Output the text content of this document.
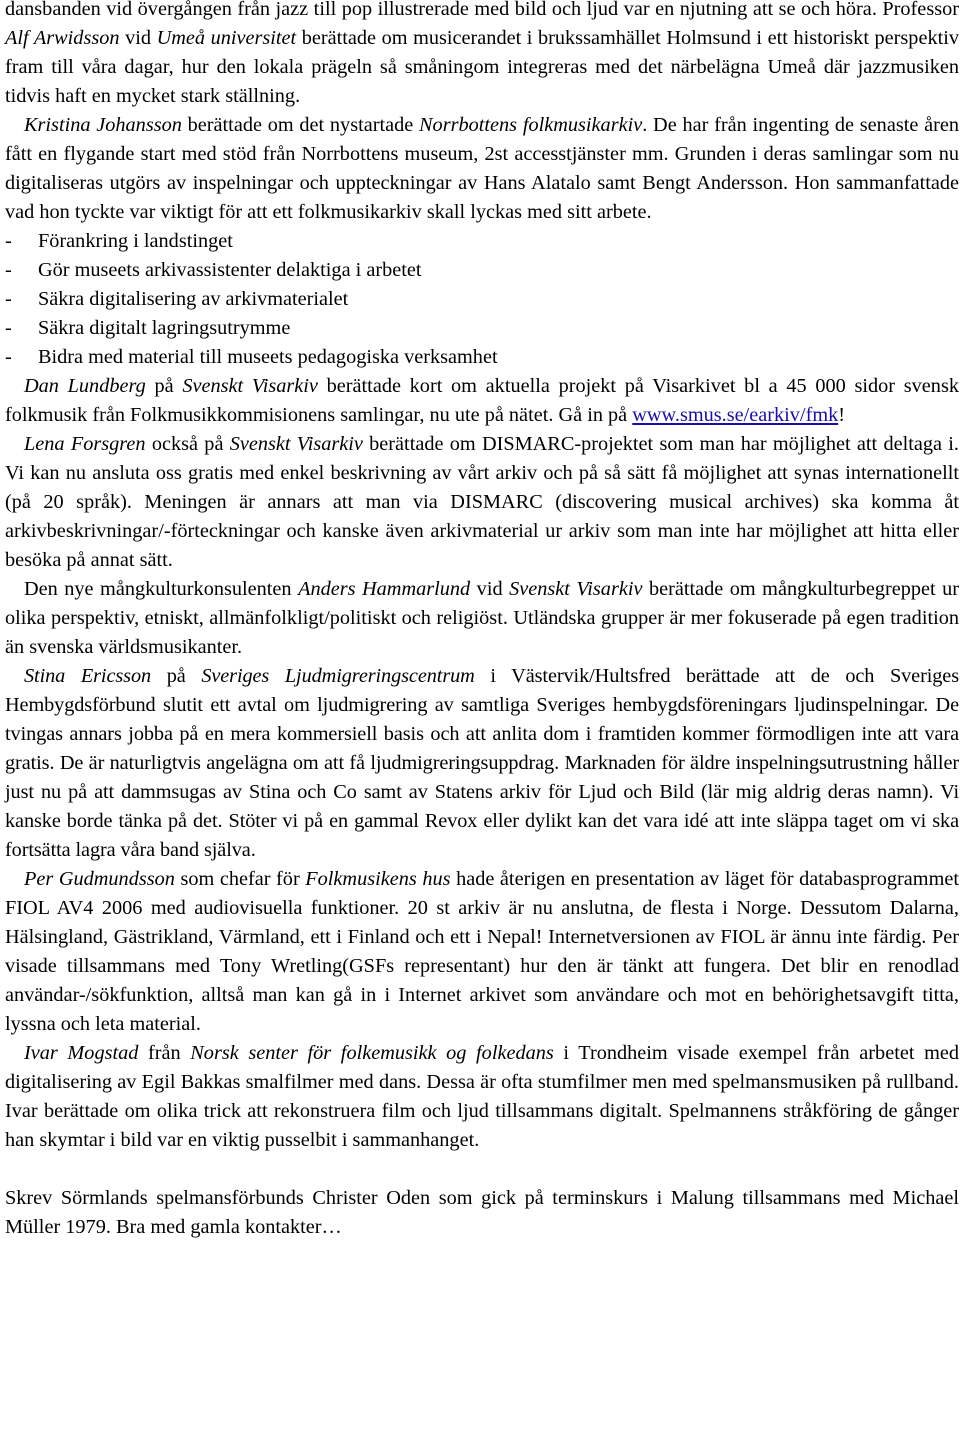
dansbanden vid övergången från jazz till pop illustrerade med bild och ljud var en njutning att se och höra. Professor Alf Arwidsson vid Umeå universitet berättade om musicerandet i brukssamhället Holmsund i ett historiskt perspektiv fram till våra dagar, hur den lokala prägeln så småningom integreras med det närbelägna Umeå där jazzmusiken tidvis haft en mycket stark ställning.

Kristina Johansson berättade om det nystartade Norrbottens folkmusikarkiv. De har från ingenting de senaste åren fått en flygande start med stöd från Norrbottens museum, 2st accesstjänster mm. Grunden i deras samlingar som nu digitaliseras utgörs av inspelningar och uppteckningar av Hans Alatalo samt Bengt Andersson. Hon sammanfattade vad hon tyckte var viktigt för att ett folkmusikarkiv skall lyckas med sitt arbete.

- Förankring i landstinget
- Gör museets arkivassistenter delaktiga i arbetet
- Säkra digitalisering av arkivmaterialet
- Säkra digitalt lagringsutrymme
- Bidra med material till museets pedagogiska verksamhet

Dan Lundberg på Svenskt Visarkiv berättade kort om aktuella projekt på Visarkivet bl a 45 000 sidor svensk folkmusik från Folkmusikkommisionens samlingar, nu ute på nätet. Gå in på www.smus.se/earkiv/fmk!

Lena Forsgren också på Svenskt Visarkiv berättade om DISMARC-projektet som man har möjlighet att deltaga i. Vi kan nu ansluta oss gratis med enkel beskrivning av vårt arkiv och på så sätt få möjlighet att synas internationellt (på 20 språk). Meningen är annars att man via DISMARC (discovering musical archives) ska komma åt arkivbeskrivningar/-förteckningar och kanske även arkivmaterial ur arkiv som man inte har möjlighet att hitta eller besöka på annat sätt.

Den nye mångkulturkonsulenten Anders Hammarlund vid Svenskt Visarkiv berättade om mångkulturbegreppet ur olika perspektiv, etniskt, allmänfolkligt/politiskt och religiöst. Utländska grupper är mer fokuserade på egen tradition än svenska världsmusikanter.

Stina Ericsson på Sveriges Ljudmigreringscentrum i Västervik/Hultsfred berättade att de och Sveriges Hembygdsförbund slutit ett avtal om ljudmigrering av samtliga Sveriges hembygdsföreningars ljudinspelningar. De tvingas annars jobba på en mera kommersiell basis och att anlita dom i framtiden kommer förmodligen inte att vara gratis. De är naturligtvis angelägna om att få ljudmigreringsuppdrag. Marknaden för äldre inspelningsutrustning håller just nu på att dammsugas av Stina och Co samt av Statens arkiv för Ljud och Bild (lär mig aldrig deras namn). Vi kanske borde tänka på det. Stöter vi på en gammal Revox eller dylikt kan det vara idé att inte släppa taget om vi ska fortsätta lagra våra band själva.

Per Gudmundsson som chefar för Folkmusikens hus hade återigen en presentation av läget för databasprogrammet FIOL AV4 2006 med audiovisuella funktioner. 20 st arkiv är nu anslutna, de flesta i Norge. Dessutom Dalarna, Hälsingland, Gästrikland, Värmland, ett i Finland och ett i Nepal! Internetversionen av FIOL är ännu inte färdig. Per visade tillsammans med Tony Wretling(GSFs representant) hur den är tänkt att fungera. Det blir en renodlad användar-/sökfunktion, alltså man kan gå in i Internet arkivet som användare och mot en behörighetsavgift titta, lyssna och leta material.

Ivar Mogstad från Norsk senter för folkemusikk og folkedans i Trondheim visade exempel från arbetet med digitalisering av Egil Bakkas smalfilmer med dans. Dessa är ofta stumfilmer men med spelmansmusiken på rullband. Ivar berättade om olika trick att rekonstruera film och ljud tillsammans digitalt. Spelmannens stråkföring de gånger han skymtar i bild var en viktig pusselbit i sammanhanget.

Skrev Sörmlands spelmansförbunds Christer Oden som gick på terminskurs i Malung tillsammans med Michael Müller 1979. Bra med gamla kontakter…
